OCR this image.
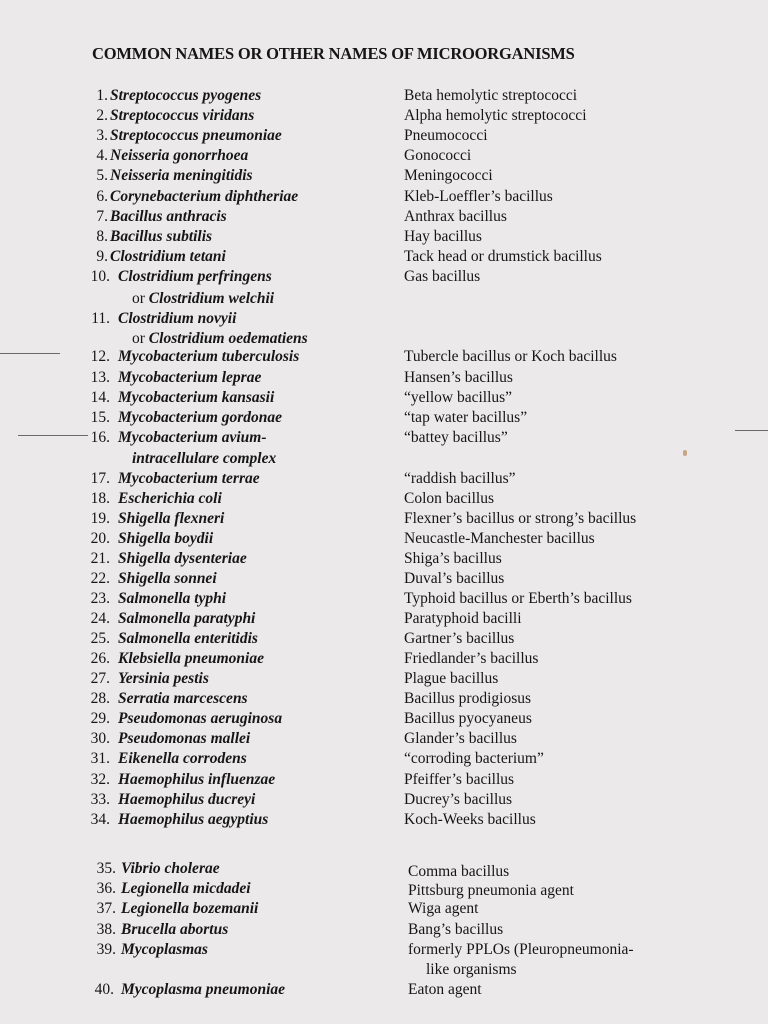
COMMON NAMES OR OTHER NAMES OF MICROORGANISMS
1. Streptococcus pyogenes	Beta hemolytic streptococci
2. Streptococcus viridans	Alpha hemolytic streptococci
3. Streptococcus pneumoniae	Pneumococci
4. Neisseria gonorrhoea	Gonococci
5. Neisseria meningitidis	Meningococci
6. Corynebacterium diphtheriae	Kleb-Loeffler’s bacillus
7. Bacillus anthracis	Anthrax bacillus
8. Bacillus subtilis	Hay bacillus
9. Clostridium tetani	Tack head or drumstick bacillus
10. Clostridium perfringens	Gas bacillus
or Clostridium welchii
11. Clostridium novyii
or Clostridium oedematiens
12. Mycobacterium tuberculosis	Tubercle bacillus or Koch bacillus
13. Mycobacterium leprae	Hansen’s bacillus
14. Mycobacterium kansasii	“yellow bacillus”
15. Mycobacterium gordonae	“tap water bacillus”
16. Mycobacterium avium-	“battey bacillus”
intracellulare complex
17. Mycobacterium terrae	“raddish bacillus”
18. Escherichia coli	Colon bacillus
19. Shigella flexneri	Flexner’s bacillus or strong’s bacillus
20. Shigella boydii	Neucastle-Manchester bacillus
21. Shigella dysenteriae	Shiga’s bacillus
22. Shigella sonnei	Duval’s bacillus
23. Salmonella typhi	Typhoid bacillus or Eberth’s bacillus
24. Salmonella paratyphi	Paratyphoid bacilli
25. Salmonella enteritidis	Gartner’s bacillus
26. Klebsiella pneumoniae	Friedlander’s bacillus
27. Yersinia pestis	Plague bacillus
28. Serratia marcescens	Bacillus prodigiosus
29. Pseudomonas aeruginosa	Bacillus pyocyaneus
30. Pseudomonas mallei	Glander’s bacillus
31. Eikenella corrodens	“corroding bacterium”
32. Haemophilus influenzae	Pfeiffer’s bacillus
33. Haemophilus ducreyi	Ducrey’s bacillus
34. Haemophilus aegyptius	Koch-Weeks bacillus
35. Vibrio cholerae	Comma bacillus
36. Legionella micdadei	Pittsburg pneumonia agent
37. Legionella bozemanii	Wiga agent
38. Brucella abortus	Bang’s bacillus
39. Mycoplasmas	formerly PPLOs (Pleuropneumonia-
like organisms
40. Mycoplasma pneumoniae	Eaton agent
